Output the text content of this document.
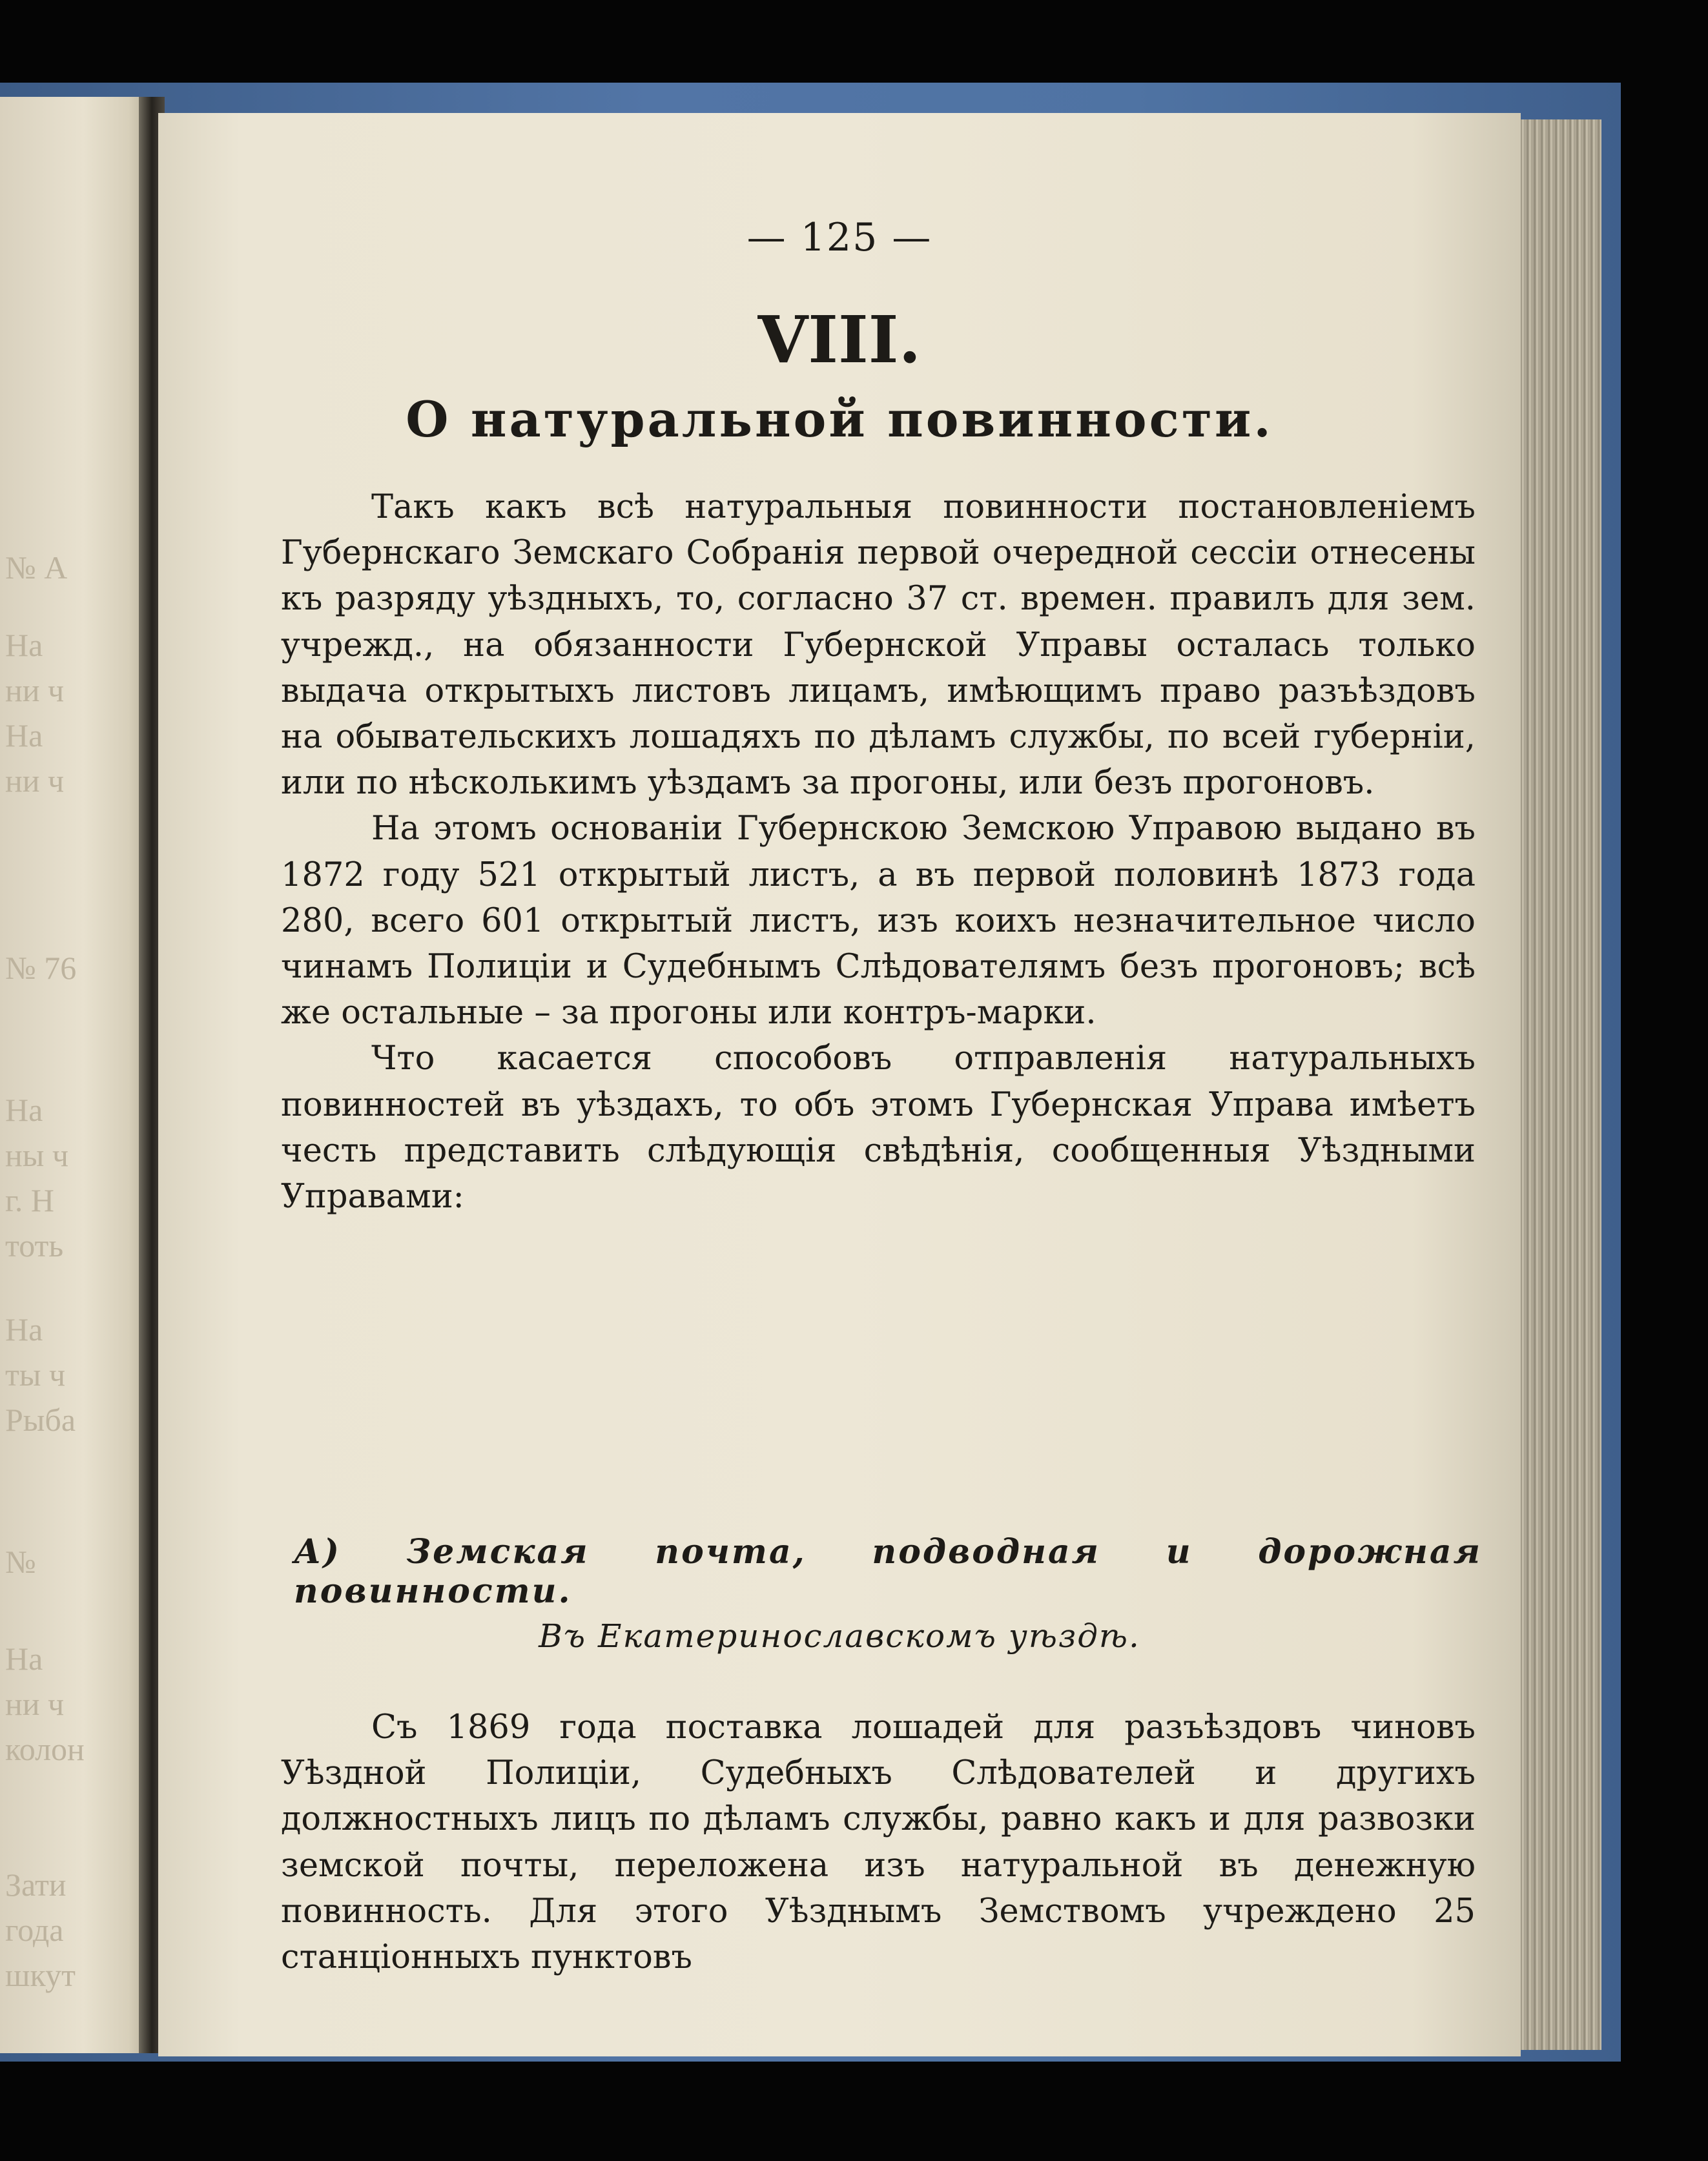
№ А
На
ни ч
На
ни ч
№ 76
На
ны ч
г. Н
тоть
На
ты ч
Рыба
№
На
ни ч
колон
Зати
года
шкут
— 125 —
VIII.
О натуральной повинности.

Такъ какъ всѣ натуральныя повинности постановленіемъ Губернскаго Земскаго Собранія первой очередной сессіи отнесены къ разряду уѣздныхъ, то, согласно 37 ст. времен. правилъ для зем. учрежд., на обязанности Губернской Управы осталась только выдача открытыхъ листовъ лицамъ, имѣющимъ право разъѣздовъ на обывательскихъ лошадяхъ по дѣламъ службы, по всей губерніи, или по нѣсколькимъ уѣздамъ за прогоны, или безъ прогоновъ.

На этомъ основаніи Губернскою Земскою Управою выдано въ 1872 году 521 открытый листъ, а въ первой половинѣ 1873 года 280, всего 601 открытый листъ, изъ коихъ незначительное число чинамъ Полиціи и Судебнымъ Слѣдователямъ безъ прогоновъ; всѣ же остальные – за прогоны или контръ-марки.

Что касается способовъ отправленія натуральныхъ повинностей въ уѣздахъ, то объ этомъ Губернская Управа имѣетъ честь представить слѣдующія свѣдѣнія, сообщенныя Уѣздными Управами:

А) Земская почта, подводная и дорожная повинности.
Въ Екатеринославскомъ уѣздѣ.

Съ 1869 года поставка лошадей для разъѣздовъ чиновъ Уѣздной Полиціи, Судебныхъ Слѣдователей и другихъ должностныхъ лицъ по дѣламъ службы, равно какъ и для развозки земской почты, переложена изъ натуральной въ денежную повинность. Для этого Уѣзднымъ Земствомъ учреждено 25 станціонныхъ пунктовъ
